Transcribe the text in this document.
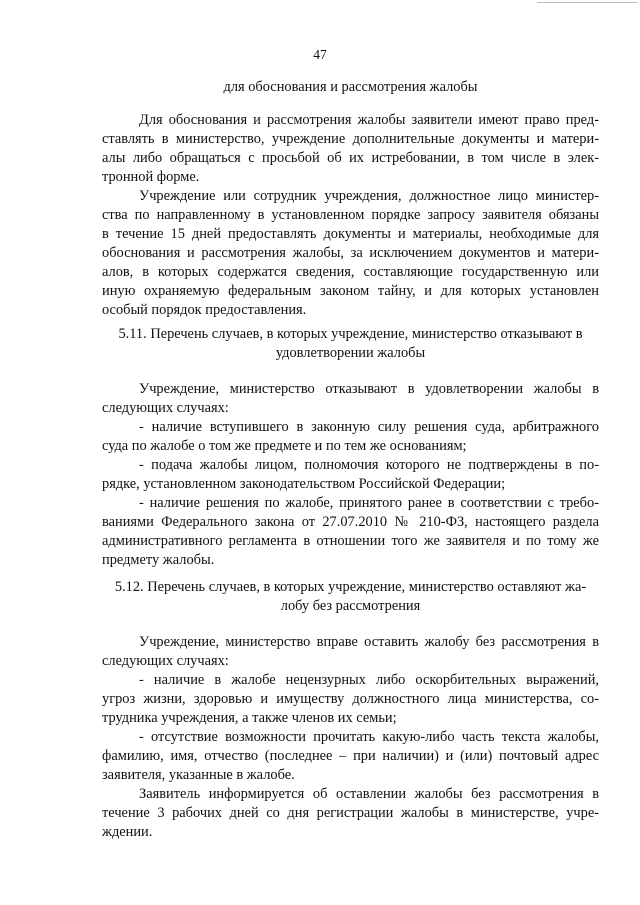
47
для обоснования и рассмотрения жалобы
Для обоснования и рассмотрения жалобы заявители имеют право пред-
ставлять в министерство, учреждение дополнительные документы и матери-
алы либо обращаться с просьбой об их истребовании, в том числе в элек-
тронной форме.
Учреждение или сотрудник учреждения, должностное лицо министер-
ства по направленному в установленном порядке запросу заявителя обязаны
в течение 15 дней предоставлять документы и материалы, необходимые для
обоснования и рассмотрения жалобы, за исключением документов и матери-
алов, в которых содержатся сведения, составляющие государственную или
иную охраняемую федеральным законом тайну, и для которых установлен
особый порядок предоставления.
5.11. Перечень случаев, в которых учреждение, министерство отказывают в
удовлетворении жалобы
Учреждение, министерство отказывают в удовлетворении жалобы в
следующих случаях:
- наличие вступившего в законную силу решения суда, арбитражного
суда по жалобе о том же предмете и по тем же основаниям;
- подача жалобы лицом, полномочия которого не подтверждены в по-
рядке, установленном законодательством Российской Федерации;
- наличие решения по жалобе, принятого ранее в соответствии с требо-
ваниями Федерального закона от 27.07.2010 № 210-ФЗ, настоящего раздела
административного регламента в отношении того же заявителя и по тому же
предмету жалобы.
5.12. Перечень случаев, в которых учреждение, министерство оставляют жа-
лобу без рассмотрения
Учреждение, министерство вправе оставить жалобу без рассмотрения в
следующих случаях:
- наличие в жалобе нецензурных либо оскорбительных выражений,
угроз жизни, здоровью и имуществу должностного лица министерства, со-
трудника учреждения, а также членов их семьи;
- отсутствие возможности прочитать какую-либо часть текста жалобы,
фамилию, имя, отчество (последнее – при наличии) и (или) почтовый адрес
заявителя, указанные в жалобе.
Заявитель информируется об оставлении жалобы без рассмотрения в
течение 3 рабочих дней со дня регистрации жалобы в министерстве, учре-
ждении.
